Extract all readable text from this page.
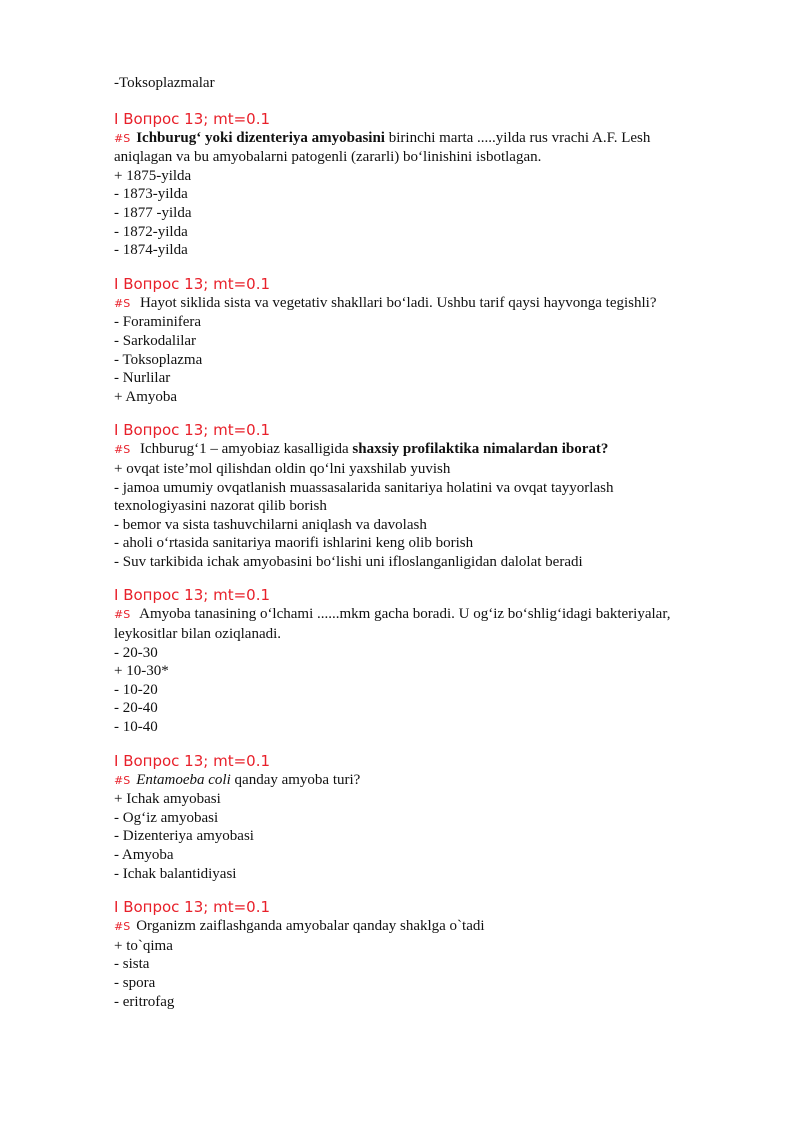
-Toksoplazmalar
I Вопрос 13; mt=0.1
#S Ichburug‘ yoki dizenteriya amyobasini birinchi marta .....yilda rus vrachi A.F. Lesh
aniqlagan va bu amyobalarni patogenli (zararli) bo‘linishini isbotlagan.
+ 1875-yilda
- 1873-yilda
- 1877 -yilda
- 1872-yilda
- 1874-yilda
I Вопрос 13; mt=0.1
#S Hayot siklida sista va vegetativ shakllari bo‘ladi. Ushbu tarif qaysi hayvonga tegishli?
- Foraminifera
- Sarkodalilar
- Toksoplazma
- Nurlilar
+ Amyoba
I Вопрос 13; mt=0.1
#S Ichburug‘1 – amyobiaz kasalligida shaxsiy profilaktika nimalardan iborat?
+ ovqat iste’mol qilishdan oldin qo‘lni yaxshilab yuvish
- jamoa umumiy ovqatlanish muassasalarida sanitariya holatini va ovqat tayyorlash
texnologiyasini nazorat qilib borish
- bemor va sista tashuvchilarni aniqlash va davolash
- aholi o‘rtasida sanitariya maorifi ishlarini keng olib borish
- Suv tarkibida ichak amyobasini bo‘lishi uni ifloslanganligidan dalolat beradi
I Вопрос 13; mt=0.1
#S Amyoba tanasining o‘lchami ......mkm gacha boradi. U og‘iz bo‘shlig‘idagi bakteriyalar,
leykositlar bilan oziqlanadi.
- 20-30
+ 10-30*
- 10-20
- 20-40
- 10-40
I Вопрос 13; mt=0.1
#S Entamoeba coli qanday amyoba turi?
+ Ichak amyobasi
- Og‘iz amyobasi
- Dizenteriya amyobasi
- Amyoba
- Ichak balantidiyasi
I Вопрос 13; mt=0.1
#S Organizm zaiflashganda amyobalar qanday shaklga o`tadi
+ to`qima
- sista
- spora
- eritrofag
